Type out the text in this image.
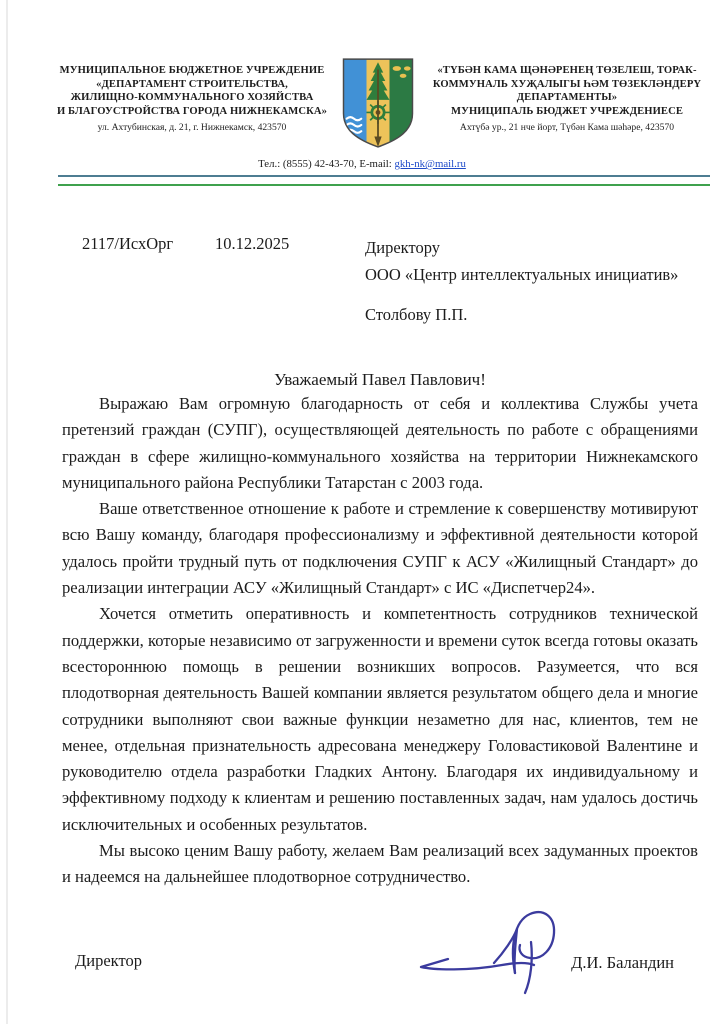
МУНИЦИПАЛЬНОЕ БЮДЖЕТНОЕ УЧРЕЖДЕНИЕ
«ДЕПАРТАМЕНТ СТРОИТЕЛЬСТВА,
ЖИЛИЩНО-КОММУНАЛЬНОГО ХОЗЯЙСТВА
И БЛАГОУСТРОЙСТВА ГОРОДА НИЖНЕКАМСКА»
ул. Ахтубинская, д. 21, г. Нижнекамск, 423570
«ТҮБӘН КАМА ЩӘНӘРЕНЕҢ ТӨЗЕЛЕШ, ТОРАК-
КОММУНАЛЬ ХУҖАЛЫГЫ ҺӘМ ТӨЗЕКЛӘНДЕРҮ
ДЕПАРТАМЕНТЫ»
МУНИЦИПАЛЬ БЮДЖЕТ УЧРЕЖДЕНИЕСЕ
Ахтүбә ур., 21 нче йорт, Түбән Кама шәһәре, 423570
Тел.: (8555) 42-43-70, E-mail: gkh-nk@mail.ru
2117/ИсхОрг	10.12.2025	Директору
ООО «Центр интеллектуальных инициатив»
Столбову П.П.
Уважаемый Павел Павлович!

Выражаю Вам огромную благодарность от себя и коллектива Службы учета претензий граждан (СУПГ), осуществляющей деятельность по работе с обращениями граждан в сфере жилищно-коммунального хозяйства на территории Нижнекамского муниципального района Республики Татарстан с 2003 года.

Ваше ответственное отношение к работе и стремление к совершенству мотивируют всю Вашу команду, благодаря профессионализму и эффективной деятельности которой удалось пройти трудный путь от подключения СУПГ к АСУ «Жилищный Стандарт» до реализации интеграции АСУ «Жилищный Стандарт» с ИС «Диспетчер24».

Хочется отметить оперативность и компетентность сотрудников технической поддержки, которые независимо от загруженности и времени суток всегда готовы оказать всестороннюю помощь в решении возникших вопросов. Разумеется, что вся плодотворная деятельность Вашей компании является результатом общего дела и многие сотрудники выполняют свои важные функции незаметно для нас, клиентов, тем не менее, отдельная признательность адресована менеджеру Головастиковой Валентине и руководителю отдела разработки Гладких Антону. Благодаря их индивидуальному и эффективному подходу к клиентам и решению поставленных задач, нам удалось достичь исключительных и особенных результатов.

Мы высоко ценим Вашу работу, желаем Вам реализаций всех задуманных проектов и надеемся на дальнейшее плодотворное сотрудничество.

Директор	Д.И. Баландин
